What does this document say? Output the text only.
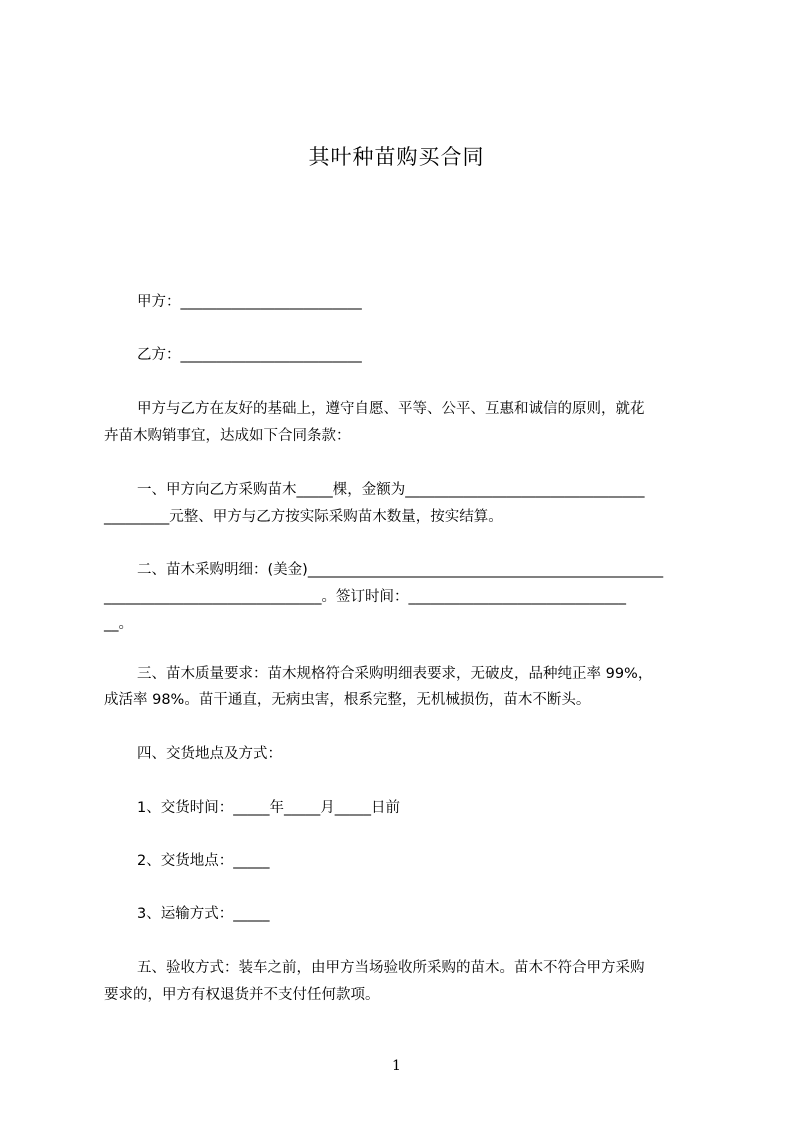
其叶种苗购买合同
甲方：_________________________
乙方：_________________________
甲方与乙方在友好的基础上，遵守自愿、平等、公平、互惠和诚信的原则，就花
卉苗木购销事宜，达成如下合同条款：
一、甲方向乙方采购苗木_____棵，金额为_________________________________
_________元整、甲方与乙方按实际采购苗木数量，按实结算。
二、苗木采购明细：(美金)_________________________________________________
______________________________。签订时间：______________________________
__。
三、苗木质量要求：苗木规格符合采购明细表要求，无破皮，品种纯正率 99%，
成活率 98%。苗干通直，无病虫害，根系完整，无机械损伤，苗木不断头。
四、交货地点及方式：
1、交货时间：_____年_____月_____日前
2、交货地点：_____
3、运输方式：_____
五、验收方式：装车之前，由甲方当场验收所采购的苗木。苗木不符合甲方采购
要求的，甲方有权退货并不支付任何款项。
1
